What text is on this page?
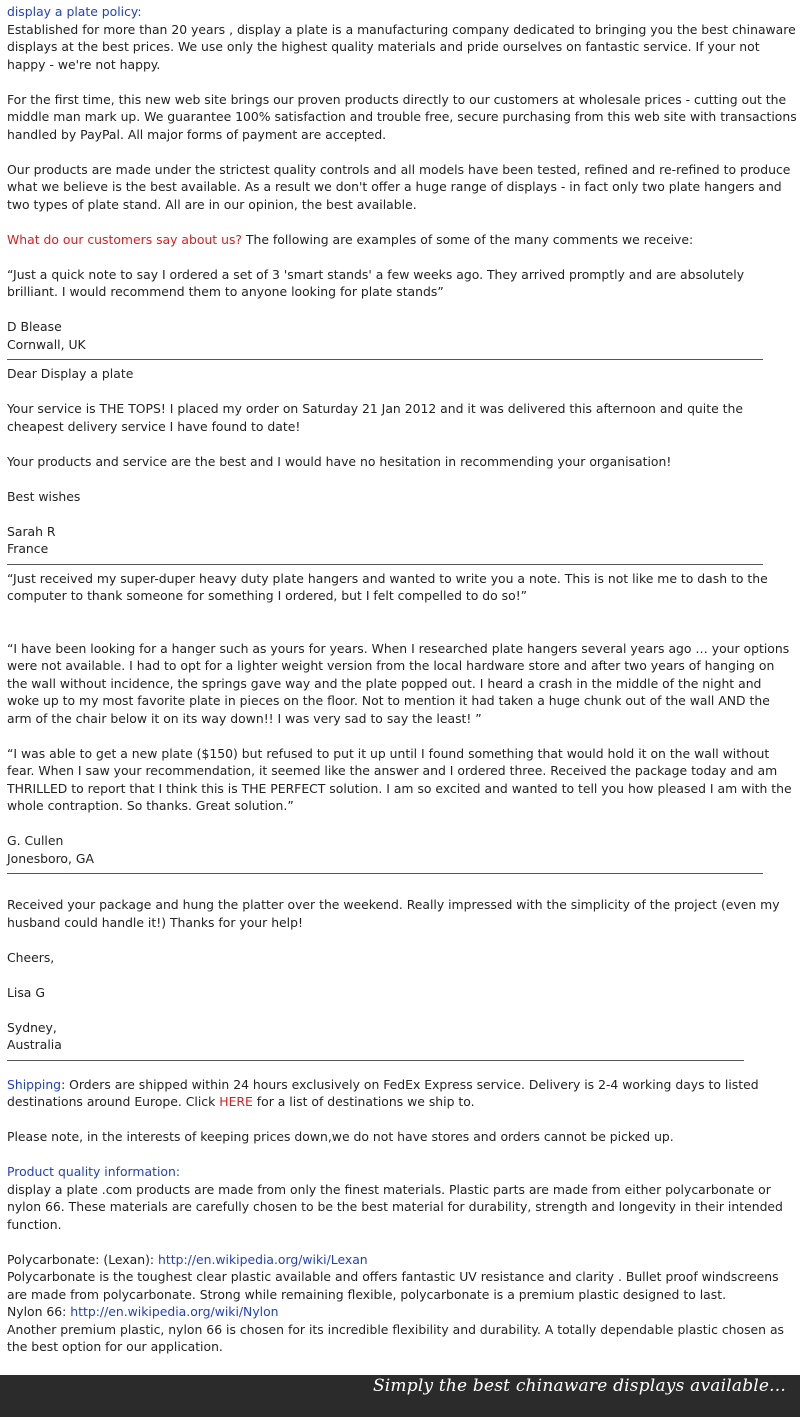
display a plate policy:

Established for more than 20 years , display a plate is a manufacturing company dedicated to bringing you the best chinaware displays at the best prices. We use only the highest quality materials and pride ourselves on fantastic service. If your not happy - we're not happy.

For the first time, this new web site brings our proven products directly to our customers at wholesale prices - cutting out the middle man mark up. We guarantee 100% satisfaction and trouble free, secure purchasing from this web site with transactions handled by PayPal. All major forms of payment are accepted.

Our products are made under the strictest quality controls and all models have been tested, refined and re-refined to produce what we believe is the best available. As a result we don't offer a huge range of displays - in fact only two plate hangers and two types of plate stand. All are in our opinion, the best available.

What do our customers say about us? The following are examples of some of the many comments we receive:

“Just a quick note to say I ordered a set of 3 'smart stands' a few weeks ago. They arrived promptly and are absolutely brilliant. I would recommend them to anyone looking for plate stands”

D Blease
Cornwall, UK

Dear Display a plate

Your service is THE TOPS! I placed my order on Saturday 21 Jan 2012 and it was delivered this afternoon and quite the cheapest delivery service I have found to date!

Your products and service are the best and I would have no hesitation in recommending your organisation!

Best wishes

Sarah R
France

“Just received my super-duper heavy duty plate hangers and wanted to write you a note. This is not like me to dash to the computer to thank someone for something I ordered, but I felt compelled to do so!”

“I have been looking for a hanger such as yours for years. When I researched plate hangers several years ago … your options were not available. I had to opt for a lighter weight version from the local hardware store and after two years of hanging on the wall without incidence, the springs gave way and the plate popped out. I heard a crash in the middle of the night and woke up to my most favorite plate in pieces on the floor. Not to mention it had taken a huge chunk out of the wall AND the arm of the chair below it on its way down!! I was very sad to say the least! ”

“I was able to get a new plate ($150) but refused to put it up until I found something that would hold it on the wall without fear. When I saw your recommendation, it seemed like the answer and I ordered three. Received the package today and am THRILLED to report that I think this is THE PERFECT solution. I am so excited and wanted to tell you how pleased I am with the whole contraption. So thanks. Great solution.”

G. Cullen
Jonesboro, GA

Received your package and hung the platter over the weekend. Really impressed with the simplicity of the project (even my husband could handle it!) Thanks for your help!

Cheers,

Lisa G

Sydney,
Australia

Shipping: Orders are shipped within 24 hours exclusively on FedEx Express service. Delivery is 2-4 working days to listed destinations around Europe. Click HERE for a list of destinations we ship to.

Please note, in the interests of keeping prices down,we do not have stores and orders cannot be picked up.

Product quality information:

display a plate .com products are made from only the finest materials. Plastic parts are made from either polycarbonate or nylon 66. These materials are carefully chosen to be the best material for durability, strength and longevity in their intended function.

Polycarbonate: (Lexan): http://en.wikipedia.org/wiki/Lexan
Polycarbonate is the toughest clear plastic available and offers fantastic UV resistance and clarity . Bullet proof windscreens are made from polycarbonate. Strong while remaining flexible, polycarbonate is a premium plastic designed to last.
Nylon 66: http://en.wikipedia.org/wiki/Nylon

Another premium plastic, nylon 66 is chosen for its incredible flexibility and durability. A totally dependable plastic chosen as the best option for our application.

Simply the best chinaware displays available...
